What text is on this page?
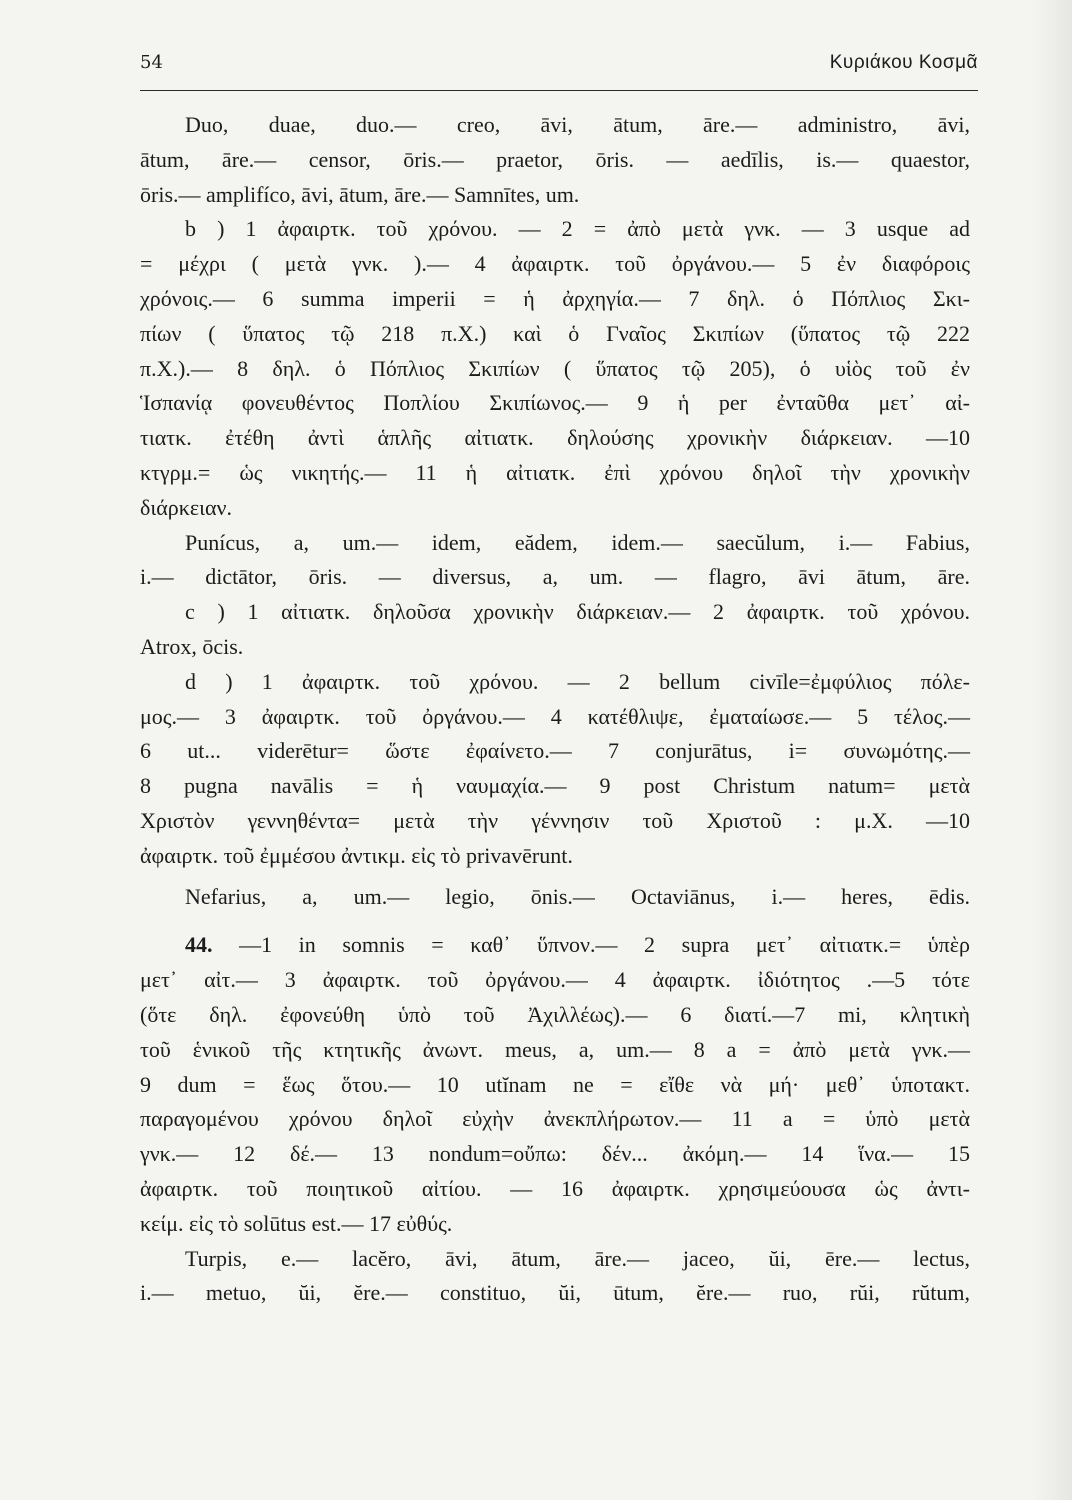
54	Κυριάκου Κοσμᾶ
Duo, duae, duo.— creo, āvi, ātum, āre.— administro, āvi,
ātum, āre.— censor, ōris.— praetor, ōris. — aedīlis, is.— quaestor,
ōris.— amplifíco, āvi, ātum, āre.— Samnītes, um.
b ) 1 ἀφαιρτκ. τοῦ χρόνου. — 2 = ἀπὸ μετὰ γνκ. — 3 usque ad
= μέχρι ( μετὰ γνκ. ).— 4 ἀφαιρτκ. τοῦ ὀργάνου.— 5 ἐν διαφόροις
χρόνοις.— 6 summa imperii = ἡ ἀρχηγία.— 7 δηλ. ὁ Πόπλιος Σκι-
πίων ( ὕπατος τῷ 218 π.Χ.) καὶ ὁ Γναῖος Σκιπίων (ὕπατος τῷ 222
π.Χ.).— 8 δηλ. ὁ Πόπλιος Σκιπίων ( ὕπατος τῷ 205), ὁ υἱὸς τοῦ ἐν
Ἱσπανίᾳ φονευθέντος Ποπλίου Σκιπίωνος.— 9 ἡ per ἐνταῦθα μετ᾿ αἰ-
τιατκ. ἐτέθη ἀντὶ ἁπλῆς αἰτιατκ. δηλούσης χρονικὴν διάρκειαν. —10
κτγρμ.= ὡς νικητής.— 11 ἡ αἰτιατκ. ἐπὶ χρόνου δηλοῖ τὴν χρονικὴν
διάρκειαν.
Punícus, a, um.— idem, eădem, idem.— saecŭlum, i.— Fabius,
i.— dictātor, ōris. — diversus, a, um. — flagro, āvi ātum, āre.
c ) 1 αἰτιατκ. δηλοῦσα χρονικὴν διάρκειαν.— 2 ἀφαιρτκ. τοῦ χρόνου.
Atrox, ōcis.
d ) 1 ἀφαιρτκ. τοῦ χρόνου. — 2 bellum civīle=ἐμφύλιος πόλε-
μος.— 3 ἀφαιρτκ. τοῦ ὀργάνου.— 4 κατέθλιψε, ἐματαίωσε.— 5 τέλος.—
6 ut... viderētur= ὥστε ἐφαίνετο.— 7 conjurātus, i= συνωμότης.—
8 pugna navālis = ἡ ναυμαχία.— 9 post Christum natum= μετὰ
Χριστὸν γεννηθέντα= μετὰ τὴν γέννησιν τοῦ Χριστοῦ : μ.Χ. —10
ἀφαιρτκ. τοῦ ἐμμέσου ἀντικμ. εἰς τὸ privavērunt.
Nefarius, a, um.— legio, ōnis.— Octaviānus, i.— heres, ēdis.
44. —1 in somnis = καθ᾿ ὕπνον.— 2 supra μετ᾿ αἰτιατκ.= ὑπὲρ
μετ᾿ αἰτ.— 3 ἀφαιρτκ. τοῦ ὀργάνου.— 4 ἀφαιρτκ. ἰδιότητος .—5 τότε
(ὅτε δηλ. ἐφονεύθη ὑπὸ τοῦ Ἀχιλλέως).— 6 διατί.—7 mi, κλητικὴ
τοῦ ἑνικοῦ τῆς κτητικῆς ἀνωντ. meus, a, um.— 8 a = ἀπὸ μετὰ γνκ.—
9 dum = ἕως ὅτου.— 10 utĭnam ne = εἴθε νὰ μή· μεθ᾿ ὑποτακτ.
παραγομένου χρόνου δηλοῖ εὐχὴν ἀνεκπλήρωτον.— 11 a = ὑπὸ μετὰ
γνκ.— 12 δέ.— 13 nondum=οὔπω: δέν... ἀκόμη.— 14 ἵνα.— 15
ἀφαιρτκ. τοῦ ποιητικοῦ αἰτίου. — 16 ἀφαιρτκ. χρησιμεύουσα ὡς ἀντι-
κείμ. εἰς τὸ solūtus est.— 17 εὐθύς.
Turpis, e.— lacĕro, āvi, ātum, āre.— jaceo, ŭi, ēre.— lectus,
i.— metuo, ŭi, ĕre.— constituo, ŭi, ūtum, ĕre.— ruo, rŭi, rŭtum,
